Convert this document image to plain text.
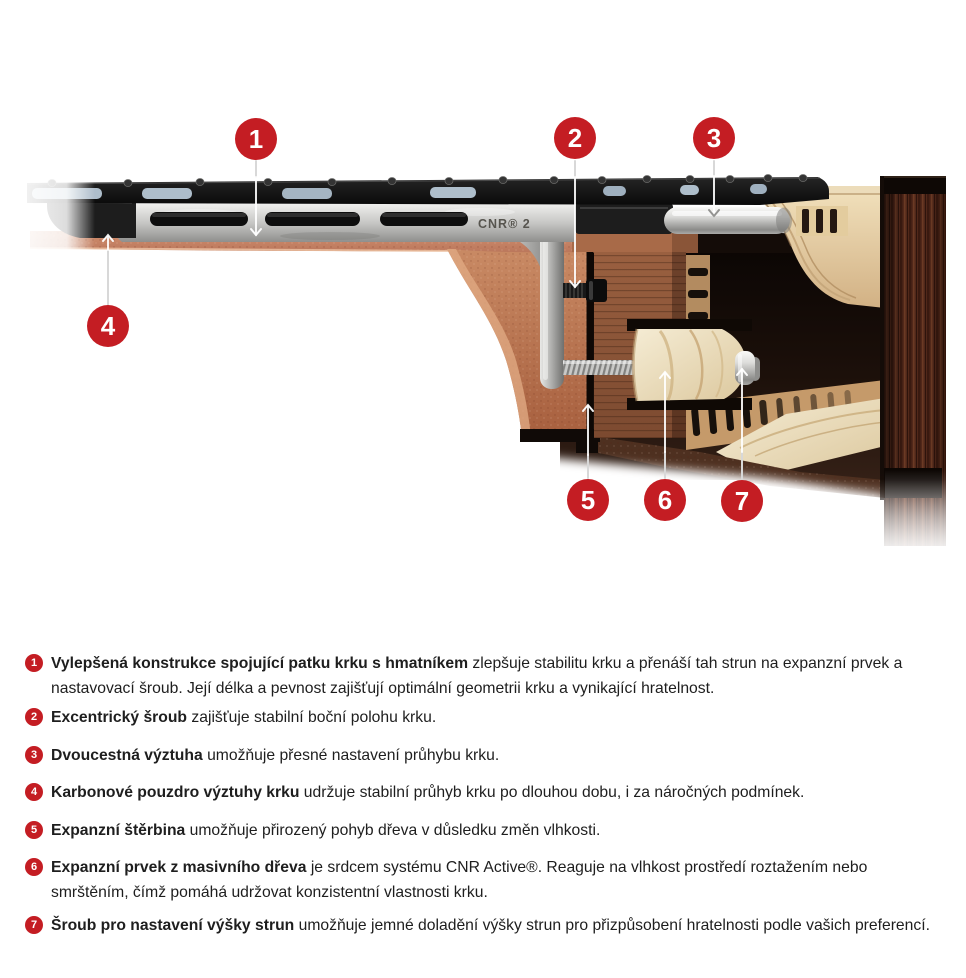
CNR® 2
1	2	3
4
5	6	7
1 Vylepšená konstrukce spojující patku krku s hmatníkem zlepšuje stabilitu krku a přenáší tah strun na expanzní prvek a nastavovací šroub. Její délka a pevnost zajišťují optimální geometrii krku a vynikající hratelnost.

2 Excentrický šroub zajišťuje stabilní boční polohu krku.

3 Dvoucestná výztuha umožňuje přesné nastavení průhybu krku.

4 Karbonové pouzdro výztuhy krku udržuje stabilní průhyb krku po dlouhou dobu, i za náročných podmínek.

5 Expanzní štěrbina umožňuje přirozený pohyb dřeva v důsledku změn vlhkosti.

6 Expanzní prvek z masivního dřeva je srdcem systému CNR Active®. Reaguje na vlhkost prostředí roztažením nebo smrštěním, čímž pomáhá udržovat konzistentní vlastnosti krku.

7 Šroub pro nastavení výšky strun umožňuje jemné doladění výšky strun pro přizpůsobení hratelnosti podle vašich preferencí.
